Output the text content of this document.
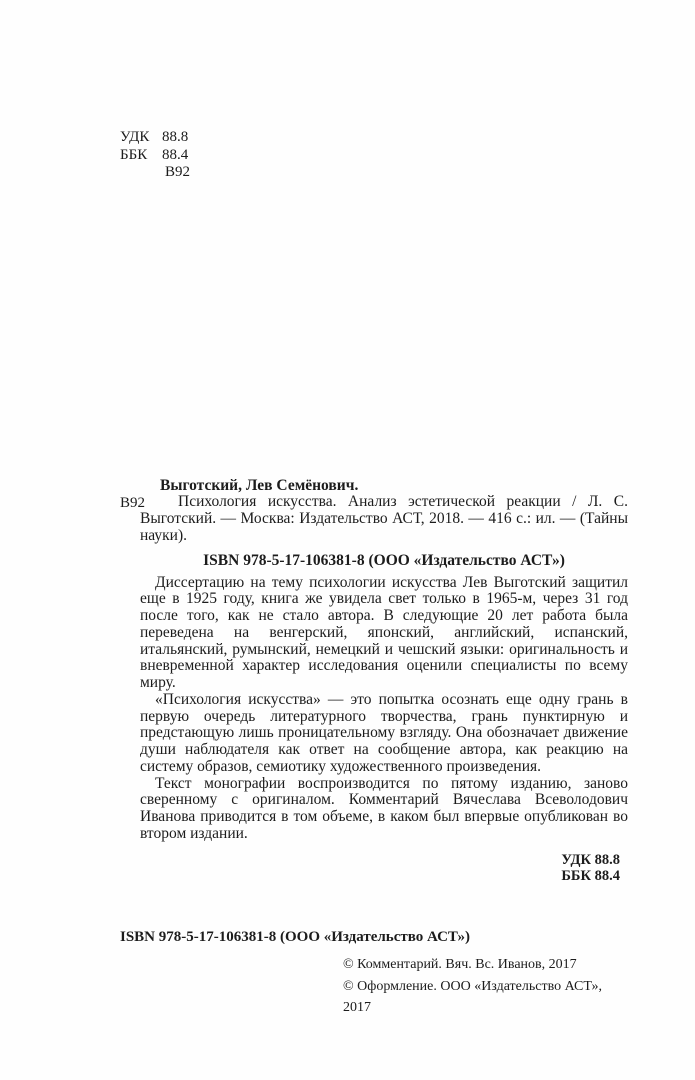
УДК 88.8
ББК 88.4
В92

Выготский, Лев Семёнович.

В92	Психология искусства. Анализ эстетической реакции / Л. С. Выготский. — Москва: Издательство АСТ, 2018. — 416 с.: ил. — (Тайны науки).

ISBN 978-5-17-106381-8 (ООО «Издательство АСТ»)

Диссертацию на тему психологии искусства Лев Выготский защитил еще в 1925 году, книга же увидела свет только в 1965-м, через 31 год после того, как не стало автора. В следующие 20 лет работа была переведена на венгерский, японский, английский, испанский, итальянский, румынский, немецкий и чешский языки: оригинальность и вневременной характер исследования оценили специалисты по всему миру.

«Психология искусства» — это попытка осознать еще одну грань в первую очередь литературного творчества, грань пунктирную и предстающую лишь проницательному взгляду. Она обозначает движение души наблюдателя как ответ на сообщение автора, как реакцию на систему образов, семиотику художественного произведения.

Текст монографии воспроизводится по пятому изданию, заново сверенному с оригиналом. Комментарий Вячеслава Всеволодович Иванова приводится в том объеме, в каком был впервые опубликован во втором издании.

УДК 88.8
ББК 88.4

ISBN 978-5-17-106381-8 (ООО «Издательство АСТ»)

© Комментарий. Вяч. Вс. Иванов, 2017

© Оформление. ООО «Издательство АСТ», 2017
